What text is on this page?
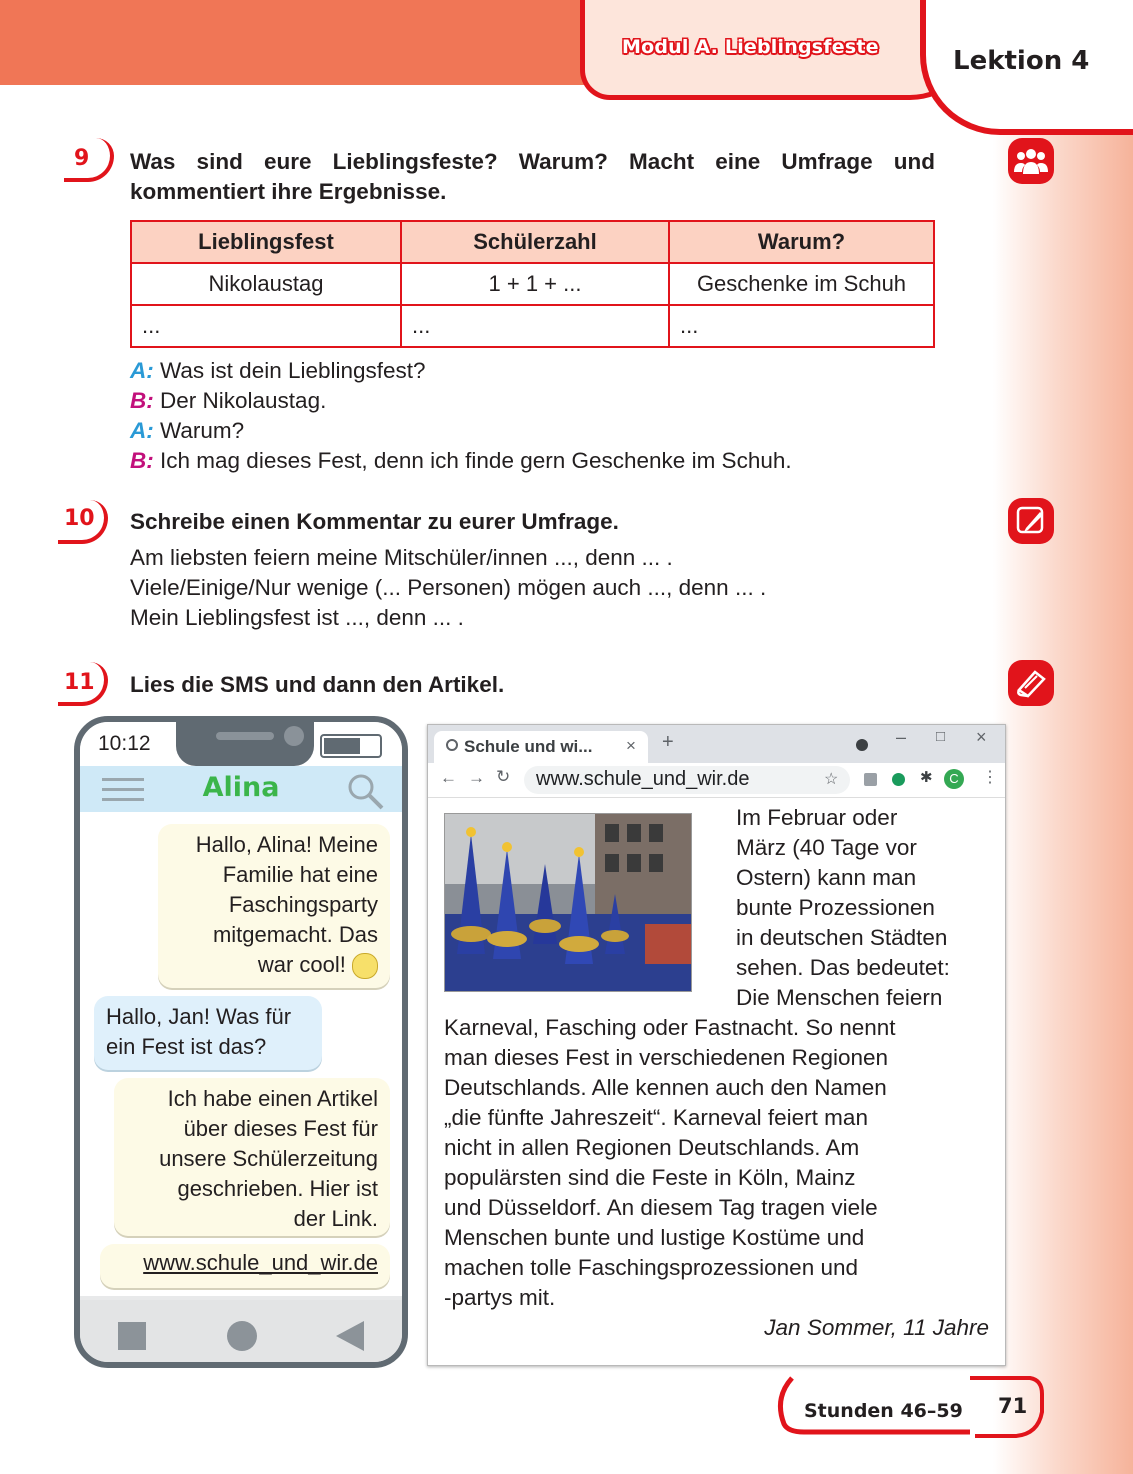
Modul A. Lieblingsfeste	Lektion 4
9 Was sind eure Lieblingsfeste? Warum? Macht eine Umfrage und
kommentiert ihre Ergebnisse.
Lieblingsfest	Schülerzahl	Warum?
Nikolaustag	1 + 1 + ...	Geschenke im Schuh
...	...	...
A: Was ist dein Lieblingsfest?
B: Der Nikolaustag.
A: Warum?
B: Ich mag dieses Fest, denn ich finde gern Geschenke im Schuh.
10 Schreibe einen Kommentar zu eurer Umfrage.
Am liebsten feiern meine Mitschüler/innen ..., denn ... .
Viele/Einige/Nur wenige (... Personen) mögen auch ..., denn ... .
Mein Lieblingsfest ist ..., denn ... .
11 Lies die SMS und dann den Artikel.
10:12
Alina
Hallo, Alina! Meine
Familie hat eine
Faschingsparty
mitgemacht. Das
war cool!
Hallo, Jan! Was für
ein Fest ist das?
Ich habe einen Artikel
über dieses Fest für
unsere Schülerzeitung
geschrieben. Hier ist
der Link.
www.schule_und_wir.de
Schule und wi... × +	– □ ×
← → ↻ www.schule_und_wir.de	☆	✱	C	⋮
Im Februar oder
März (40 Tage vor
Ostern) kann man
bunte Prozessionen
in deutschen Städten
sehen. Das bedeutet:
Die Menschen feiern
Karneval, Fasching oder Fastnacht. So nennt
man dieses Fest in verschiedenen Regionen
Deutschlands. Alle kennen auch den Namen
„die fünfte Jahreszeit“. Karneval feiert man
nicht in allen Regionen Deutschlands. Am
populärsten sind die Feste in Köln, Mainz
und Düsseldorf. An diesem Tag tragen viele
Menschen bunte und lustige Kostüme und
machen tolle Faschingsprozessionen und
-partys mit.
Jan Sommer, 11 Jahre
Stunden 46–59 71
